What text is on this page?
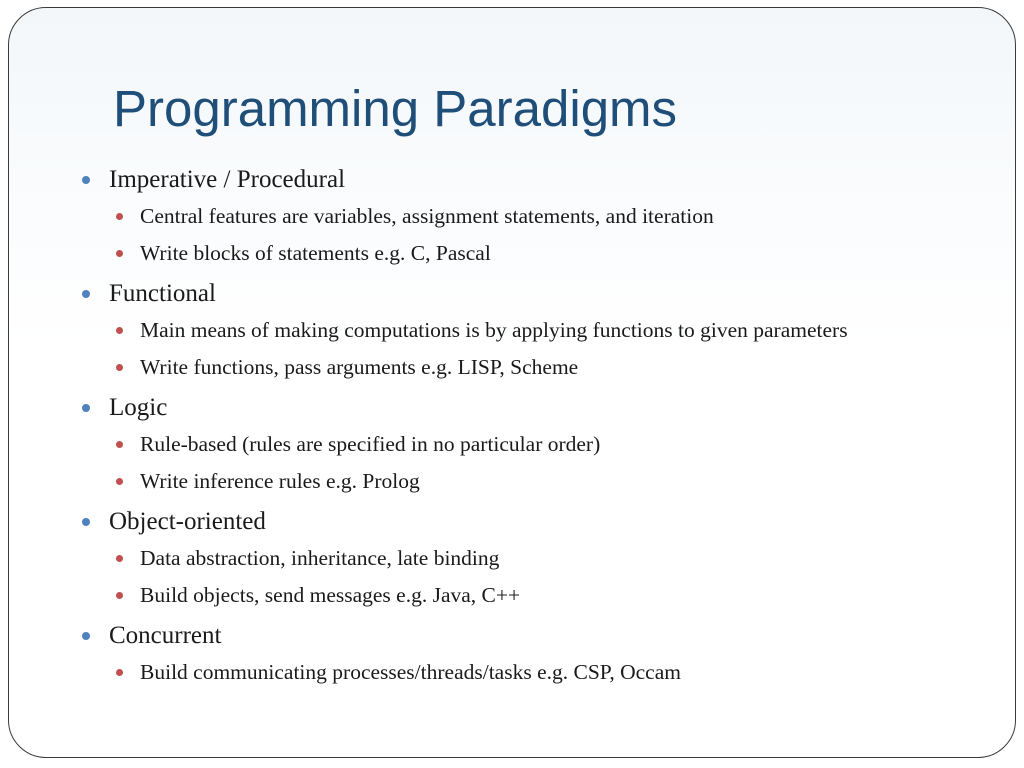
Programming Paradigms
Imperative / Procedural
Central features are variables, assignment statements, and iteration
Write blocks of statements e.g. C, Pascal
Functional
Main means of making computations is by applying functions to given parameters
Write functions, pass arguments e.g. LISP, Scheme
Logic
Rule-based (rules are specified in no particular order)
Write inference rules e.g. Prolog
Object-oriented
Data abstraction, inheritance, late binding
Build objects, send messages e.g. Java, C++
Concurrent
Build communicating processes/threads/tasks e.g. CSP, Occam
